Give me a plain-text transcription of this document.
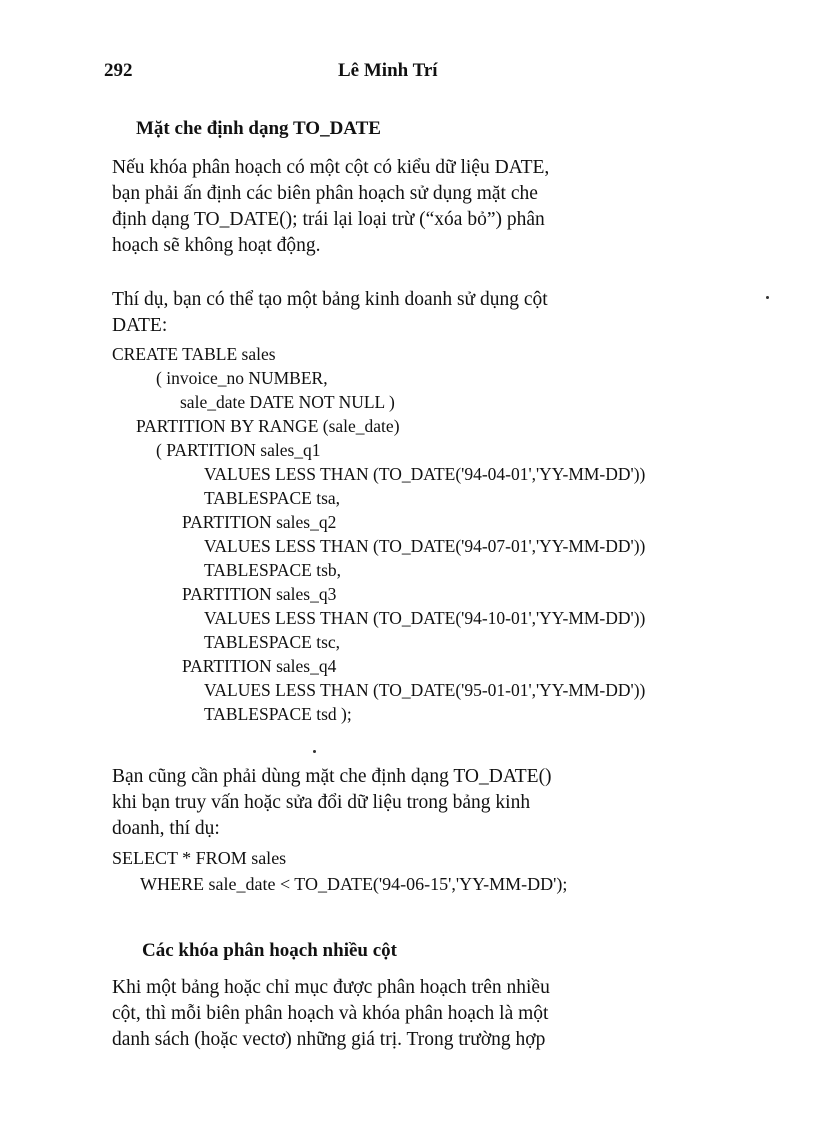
292	Lê Minh Trí
Mặt che định dạng TO_DATE
Nếu khóa phân hoạch có một cột có kiểu dữ liệu DATE,
bạn phải ấn định các biên phân hoạch sử dụng mặt che
định dạng TO_DATE(); trái lại loại trừ (“xóa bỏ”) phân
hoạch sẽ không hoạt động.
Thí dụ, bạn có thể tạo một bảng kinh doanh sử dụng cột
DATE:
CREATE TABLE sales
( invoice_no NUMBER,
sale_date DATE NOT NULL )
PARTITION BY RANGE (sale_date)
( PARTITION sales_q1
VALUES LESS THAN (TO_DATE('94-04-01','YY-MM-DD'))
TABLESPACE tsa,
PARTITION sales_q2
VALUES LESS THAN (TO_DATE('94-07-01','YY-MM-DD'))
TABLESPACE tsb,
PARTITION sales_q3
VALUES LESS THAN (TO_DATE('94-10-01','YY-MM-DD'))
TABLESPACE tsc,
PARTITION sales_q4
VALUES LESS THAN (TO_DATE('95-01-01','YY-MM-DD'))
TABLESPACE tsd );
Bạn cũng cần phải dùng mặt che định dạng TO_DATE()
khi bạn truy vấn hoặc sửa đổi dữ liệu trong bảng kinh
doanh, thí dụ:
SELECT * FROM sales
WHERE sale_date < TO_DATE('94-06-15','YY-MM-DD');
Các khóa phân hoạch nhiều cột
Khi một bảng hoặc chỉ mục được phân hoạch trên nhiều
cột, thì mỗi biên phân hoạch và khóa phân hoạch là một
danh sách (hoặc vectơ) những giá trị. Trong trường hợp
